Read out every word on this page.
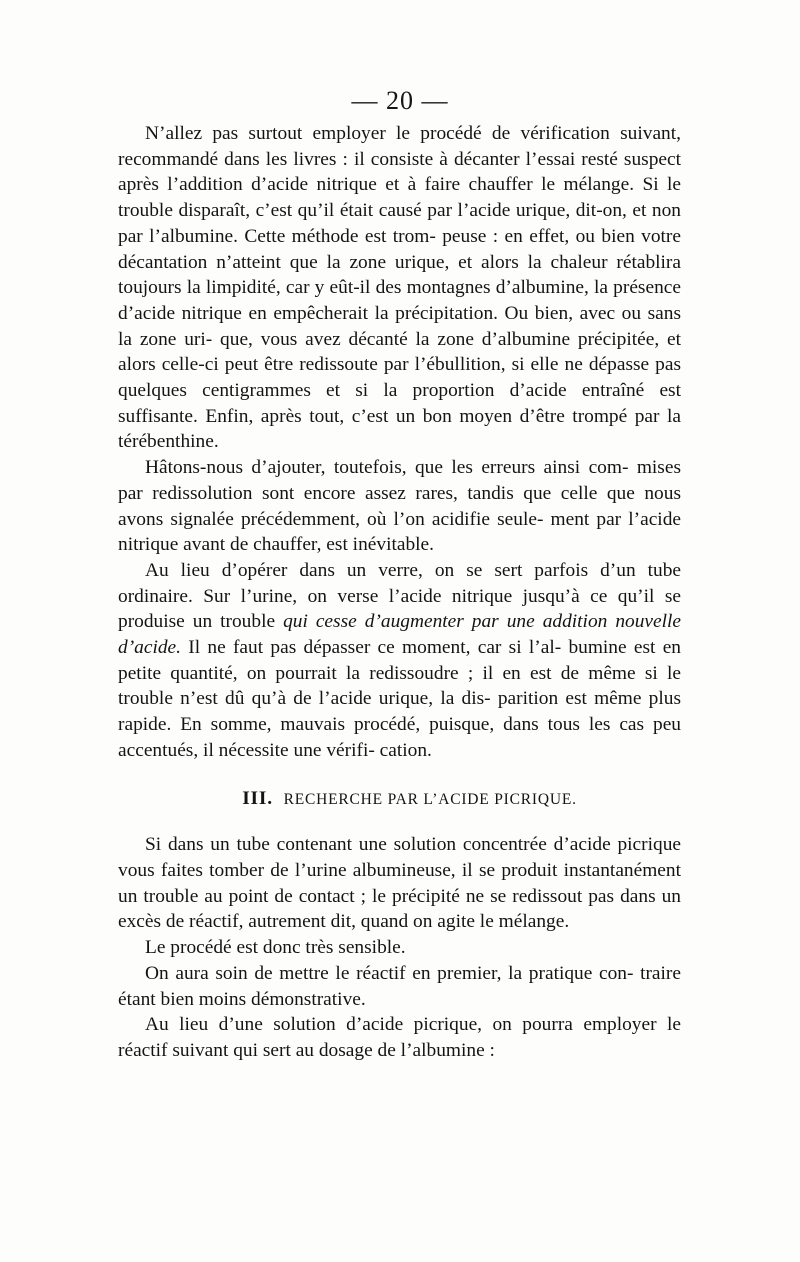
— 20 —

N’allez pas surtout employer le procédé de vérification suivant, recommandé dans les livres : il consiste à décanter l’essai resté suspect après l’addition d’acide nitrique et à faire chauffer le mélange. Si le trouble disparaît, c’est qu’il était causé par l’acide urique, dit-on, et non par l’albumine. Cette méthode est trom- peuse : en effet, ou bien votre décantation n’atteint que la zone urique, et alors la chaleur rétablira toujours la limpidité, car y eût-il des montagnes d’albumine, la présence d’acide nitrique en empêcherait la précipitation. Ou bien, avec ou sans la zone uri- que, vous avez décanté la zone d’albumine précipitée, et alors celle-ci peut être redissoute par l’ébullition, si elle ne dépasse pas quelques centigrammes et si la proportion d’acide entraîné est suffisante. Enfin, après tout, c’est un bon moyen d’être trompé par la térébenthine.

Hâtons-nous d’ajouter, toutefois, que les erreurs ainsi com- mises par redissolution sont encore assez rares, tandis que celle que nous avons signalée précédemment, où l’on acidifie seule- ment par l’acide nitrique avant de chauffer, est inévitable.

Au lieu d’opérer dans un verre, on se sert parfois d’un tube ordinaire. Sur l’urine, on verse l’acide nitrique jusqu’à ce qu’il se produise un trouble qui cesse d’augmenter par une addition nouvelle d’acide. Il ne faut pas dépasser ce moment, car si l’al- bumine est en petite quantité, on pourrait la redissoudre ; il en est de même si le trouble n’est dû qu’à de l’acide urique, la dis- parition est même plus rapide. En somme, mauvais procédé, puisque, dans tous les cas peu accentués, il nécessite une vérifi- cation.

III. RECHERCHE PAR L’ACIDE PICRIQUE.

Si dans un tube contenant une solution concentrée d’acide picrique vous faites tomber de l’urine albumineuse, il se produit instantanément un trouble au point de contact ; le précipité ne se redissout pas dans un excès de réactif, autrement dit, quand on agite le mélange.

Le procédé est donc très sensible.

On aura soin de mettre le réactif en premier, la pratique con- traire étant bien moins démonstrative.

Au lieu d’une solution d’acide picrique, on pourra employer le réactif suivant qui sert au dosage de l’albumine :
